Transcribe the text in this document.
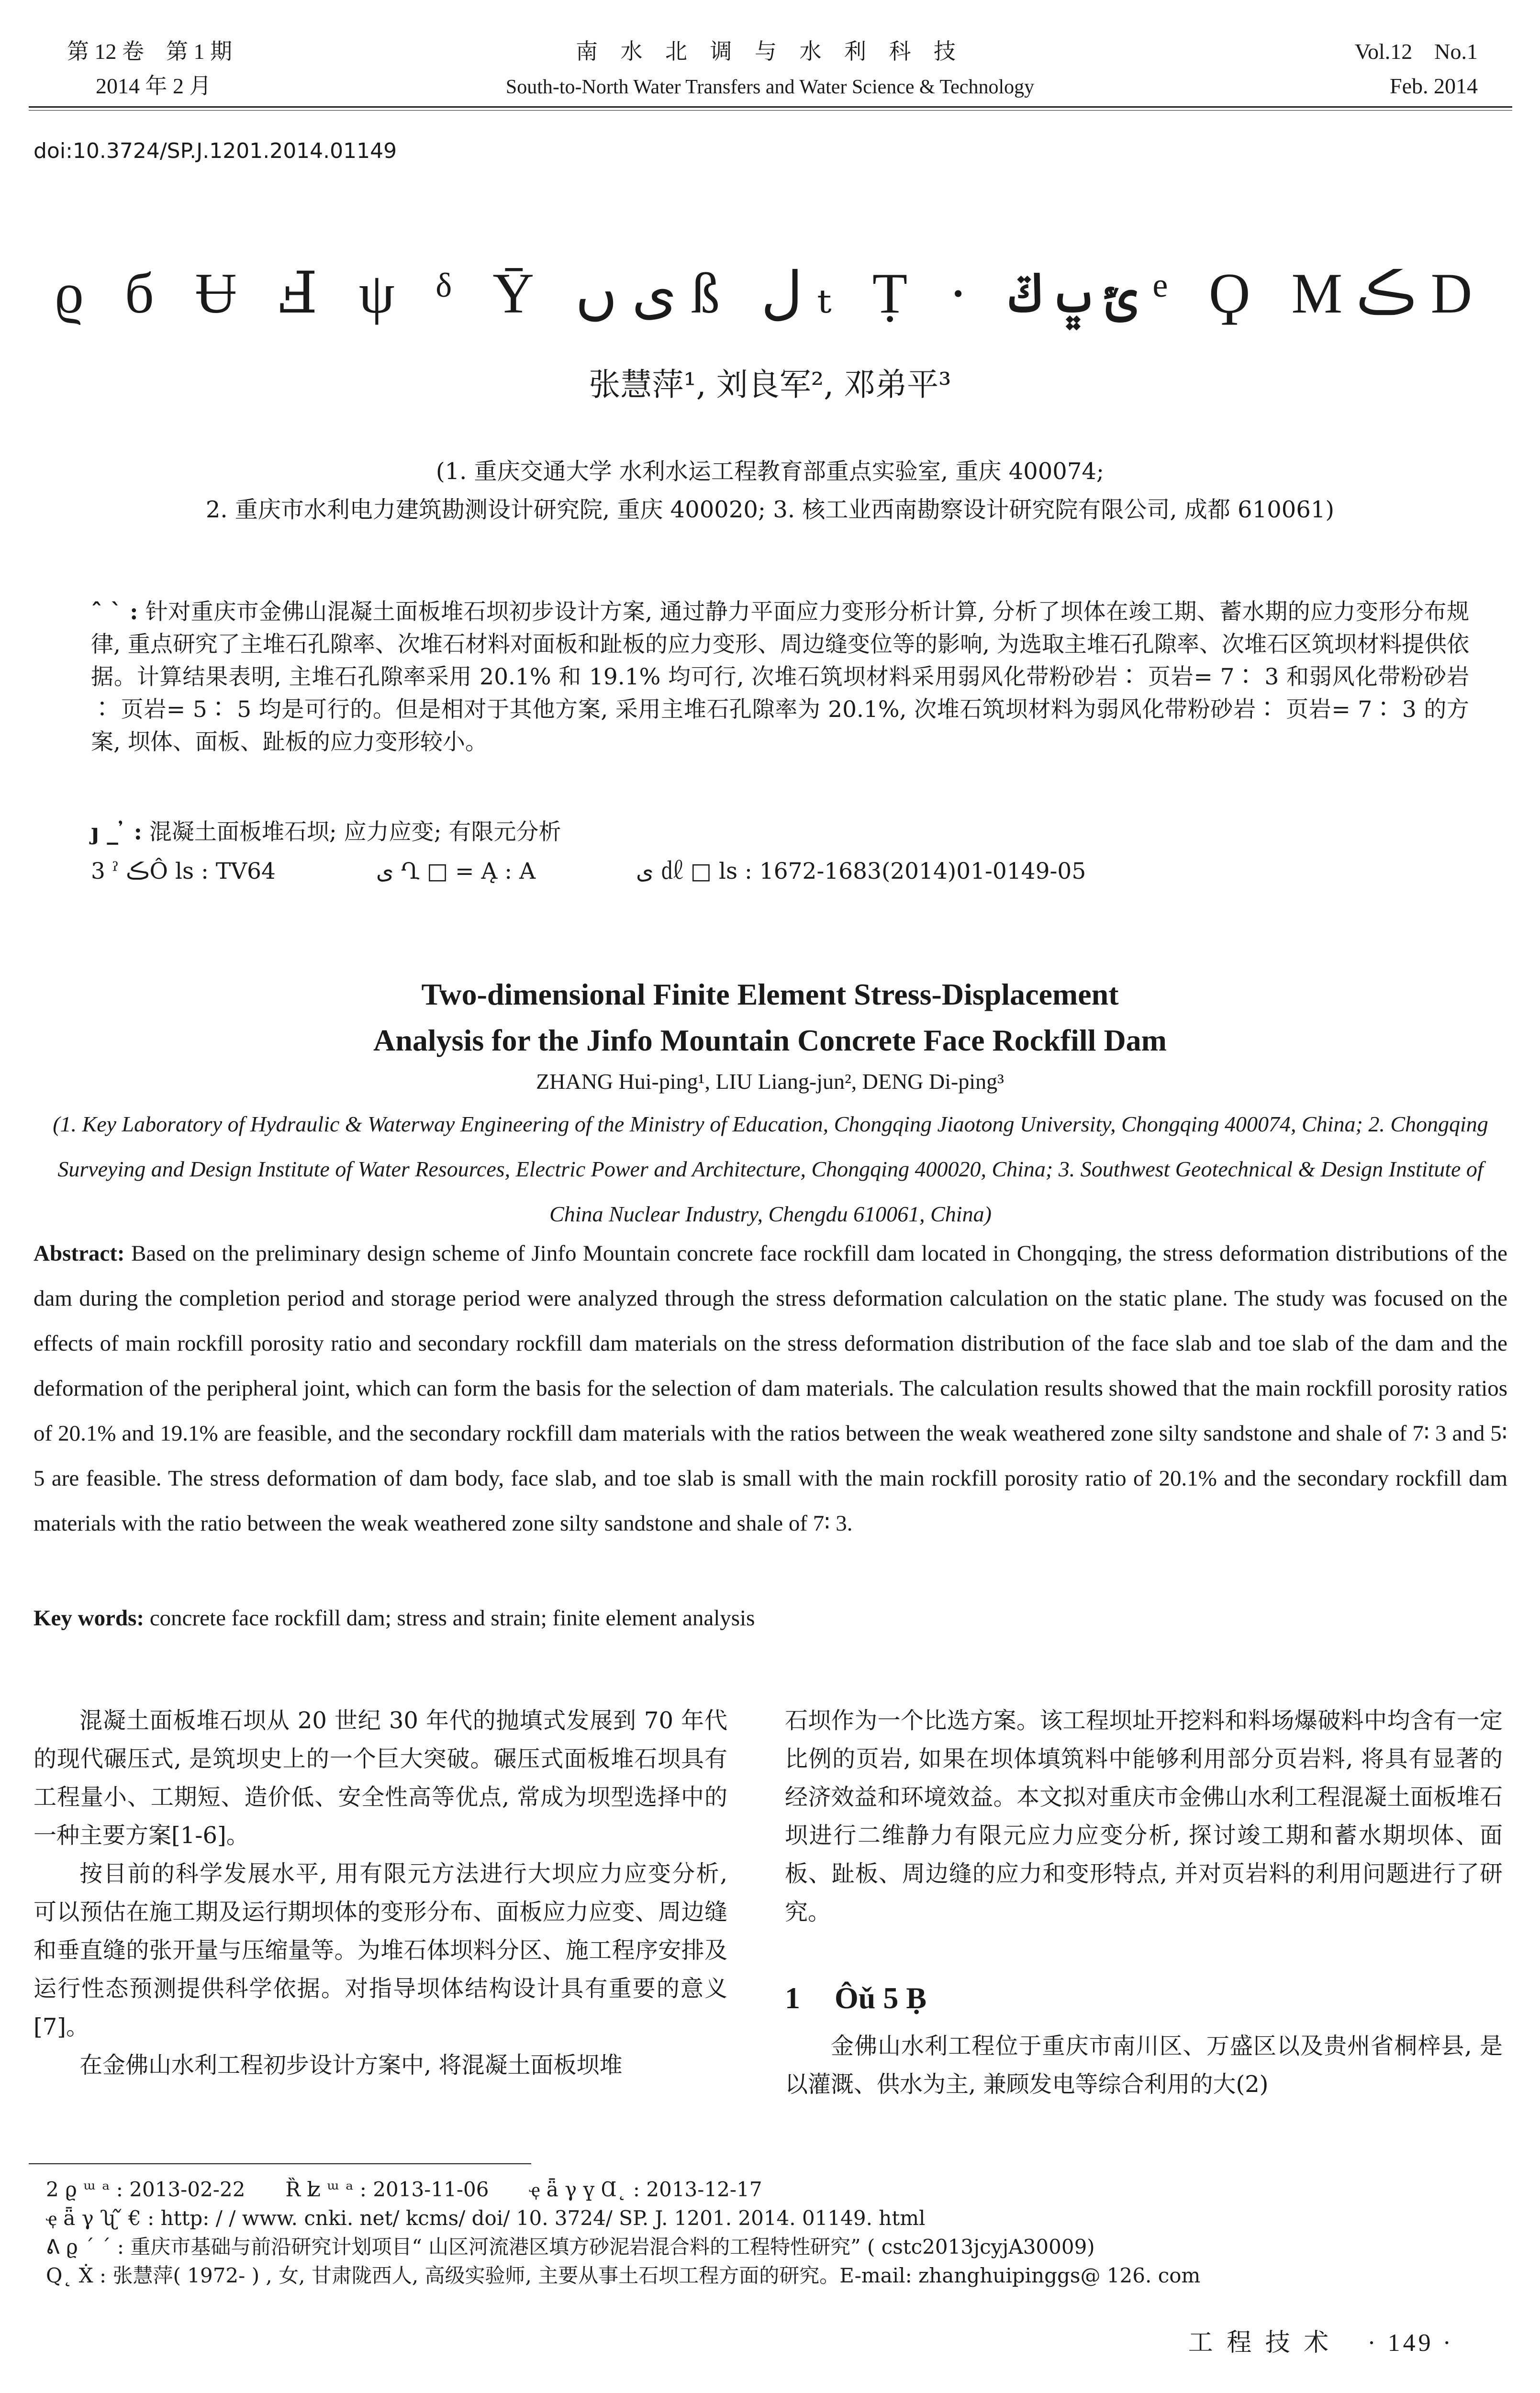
第 12 卷　第 1 期
2014 年 2 月
南 水 北 调 与 水 利 科 技
South-to-North Water Transfers and Water Science & Technology
Vol.12　No.1
Feb. 2014
doi:10.3724/SP.J.1201.2014.01149
ϱ б Ʉ Ⅎ ψ ᵟ Ȳ ی ں ß ل ₜ Ṭ · ێٔ ڀ ݿ ᵉ Ϙ Mڪ D
张慧萍¹, 刘良军², 邓弟平³
(1. 重庆交通大学 水利水运工程教育部重点实验室, 重庆 400074;
2. 重庆市水利电力建筑勘测设计研究院, 重庆 400020; 3. 核工业西南勘察设计研究院有限公司, 成都 610061)
ˆ ˋ : 针对重庆市金佛山混凝土面板堆石坝初步设计方案, 通过静力平面应力变形分析计算, 分析了坝体在竣工期、蓄水期的应力变形分布规律, 重点研究了主堆石孔隙率、次堆石材料对面板和趾板的应力变形、周边缝变位等的影响, 为选取主堆石孔隙率、次堆石区筑坝材料提供依据。计算结果表明, 主堆石孔隙率采用 20.1% 和 19.1% 均可行, 次堆石筑坝材料采用弱风化带粉砂岩∶ 页岩= 7∶ 3 和弱风化带粉砂岩∶ 页岩= 5∶ 5 均是可行的。但是相对于其他方案, 采用主堆石孔隙率为 20.1%, 次堆石筑坝材料为弱风化带粉砂岩∶ 页岩= 7∶ 3 的方案, 坝体、面板、趾板的应力变形较小。
ȷ _ ̓ : 混凝土面板堆石坝; 应力应变; 有限元分析
3 ˀ ڪÔ ls : TV64	ی Ղ □ = Ą : A	ی ㎗ □ ls : 1672-1683(2014)01-0149-05
Two-dimensional Finite Element Stress-Displacement
Analysis for the Jinfo Mountain Concrete Face Rockfill Dam
ZHANG Hui-ping¹, LIU Liang-jun², DENG Di-ping³
(1. Key Laboratory of Hydraulic & Waterway Engineering of the Ministry of Education, Chongqing Jiaotong University, Chongqing 400074, China; 2. Chongqing Surveying and Design Institute of Water Resources, Electric Power and Architecture, Chongqing 400020, China; 3. Southwest Geotechnical & Design Institute of China Nuclear Industry, Chengdu 610061, China)
Abstract: Based on the preliminary design scheme of Jinfo Mountain concrete face rockfill dam located in Chongqing, the stress deformation distributions of the dam during the completion period and storage period were analyzed through the stress deformation calculation on the static plane. The study was focused on the effects of main rockfill porosity ratio and secondary rockfill dam materials on the stress deformation distribution of the face slab and toe slab of the dam and the deformation of the peripheral joint, which can form the basis for the selection of dam materials. The calculation results showed that the main rockfill porosity ratios of 20.1% and 19.1% are feasible, and the secondary rockfill dam materials with the ratios between the weak weathered zone silty sandstone and shale of 7∶ 3 and 5∶ 5 are feasible. The stress deformation of dam body, face slab, and toe slab is small with the main rockfill porosity ratio of 20.1% and the secondary rockfill dam materials with the ratio between the weak weathered zone silty sandstone and shale of 7∶ 3.
Key words: concrete face rockfill dam; stress and strain; finite element analysis
混凝土面板堆石坝从 20 世纪 30 年代的抛填式发展到 70 年代的现代碾压式, 是筑坝史上的一个巨大突破。碾压式面板堆石坝具有工程量小、工期短、造价低、安全性高等优点, 常成为坝型选择中的一种主要方案[1-6]。
按目前的科学发展水平, 用有限元方法进行大坝应力应变分析, 可以预估在施工期及运行期坝体的变形分布、面板应力应变、周边缝和垂直缝的张开量与压缩量等。为堆石体坝料分区、施工程序安排及运行性态预测提供科学依据。对指导坝体结构设计具有重要的意义[7]。
在金佛山水利工程初步设计方案中, 将混凝土面板坝堆
石坝作为一个比选方案。该工程坝址开挖料和料场爆破料中均含有一定比例的页岩, 如果在坝体填筑料中能够利用部分页岩料, 将具有显著的经济效益和环境效益。本文拟对重庆市金佛山水利工程混凝土面板堆石坝进行二维静力有限元应力应变分析, 探讨竣工期和蓄水期坝体、面板、趾板、周边缝的应力和变形特点, 并对页岩料的利用问题进行了研究。
1 Ôǔ 5 Ḅ
金佛山水利工程位于重庆市南川区、万盛区以及贵州省桐梓县, 是以灌溉、供水为主, 兼顾发电等综合利用的大(2)
2 ϱ ᵚ ᵃ : 2013-02-22　　Ȑ ʫ ᵚ ᵃ : 2013-11-06　　ҿ ǟ γ ү Ɑ˛ : 2013-12-17
ҿ ǟ γ ʯ ᷉ € : http: / / www. cnki. net/ kcms/ doi/ 10. 3724/ SP. J. 1201. 2014. 01149. html
ᕕ ϱ ˊ ˊ : 重庆市基础与前沿研究计划项目“ 山区河流港区填方砂泥岩混合料的工程特性研究” ( cstc2013jcyjA30009)
Q˛ Ẋ : 张慧萍( 1972- ) , 女, 甘肃陇西人, 高级实验师, 主要从事土石坝工程方面的研究。E-mail: zhanghuipinggs@ 126. com
工 程 技 术 · 149 ·
